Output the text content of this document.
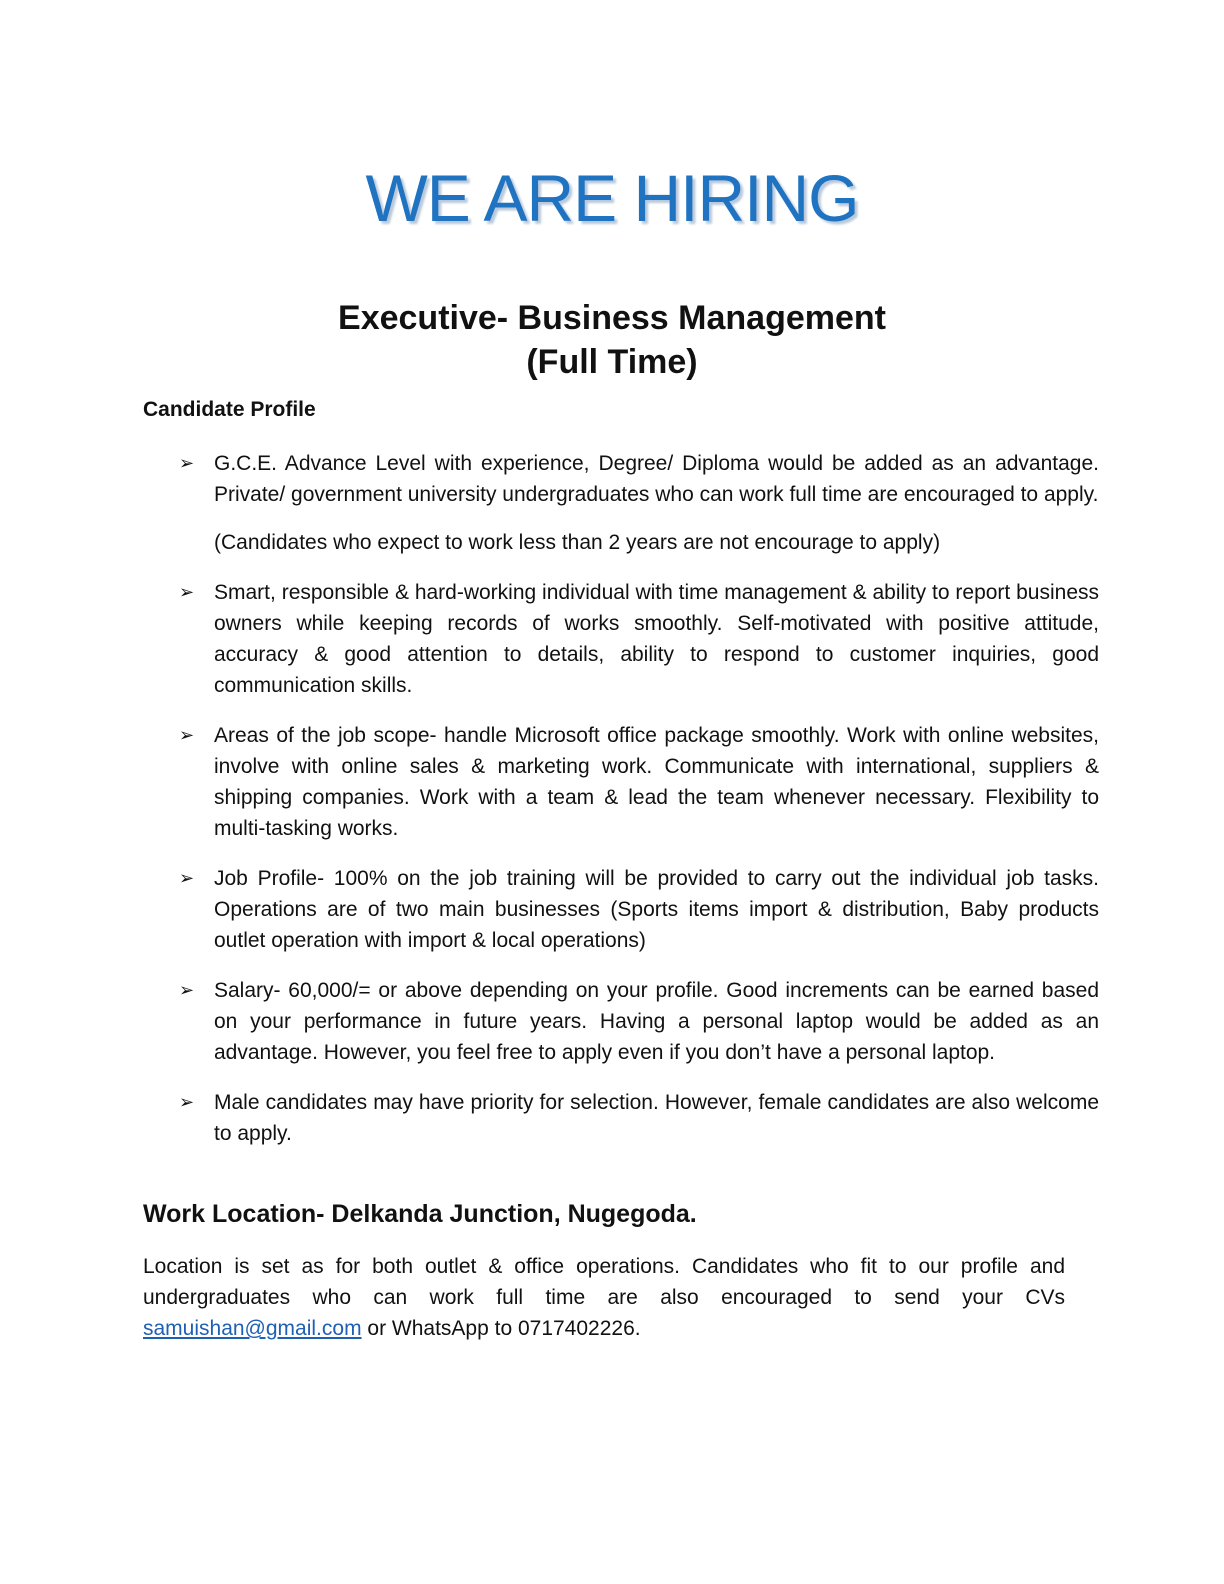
WE ARE HIRING
Executive- Business Management
(Full Time)
Candidate Profile
➢ G.C.E. Advance Level with experience, Degree/ Diploma would be added as an advantage. Private/ government university undergraduates who can work full time are encouraged to apply.

(Candidates who expect to work less than 2 years are not encourage to apply)

➢ Smart, responsible & hard-working individual with time management & ability to report business owners while keeping records of works smoothly. Self-motivated with positive attitude, accuracy & good attention to details, ability to respond to customer inquiries, good communication skills.

➢ Areas of the job scope- handle Microsoft office package smoothly. Work with online websites, involve with online sales & marketing work. Communicate with international, suppliers & shipping companies. Work with a team & lead the team whenever necessary. Flexibility to multi-tasking works.

➢ Job Profile- 100% on the job training will be provided to carry out the individual job tasks. Operations are of two main businesses (Sports items import & distribution, Baby products outlet operation with import & local operations)

➢ Salary- 60,000/= or above depending on your profile. Good increments can be earned based on your performance in future years. Having a personal laptop would be added as an advantage. However, you feel free to apply even if you don’t have a personal laptop.

➢ Male candidates may have priority for selection. However, female candidates are also welcome to apply.

Work Location- Delkanda Junction, Nugegoda.

Location is set as for both outlet & office operations. Candidates who fit to our profile and undergraduates who can work full time are also encouraged to send your CVs samuishan@gmail.com or WhatsApp to 0717402226.
